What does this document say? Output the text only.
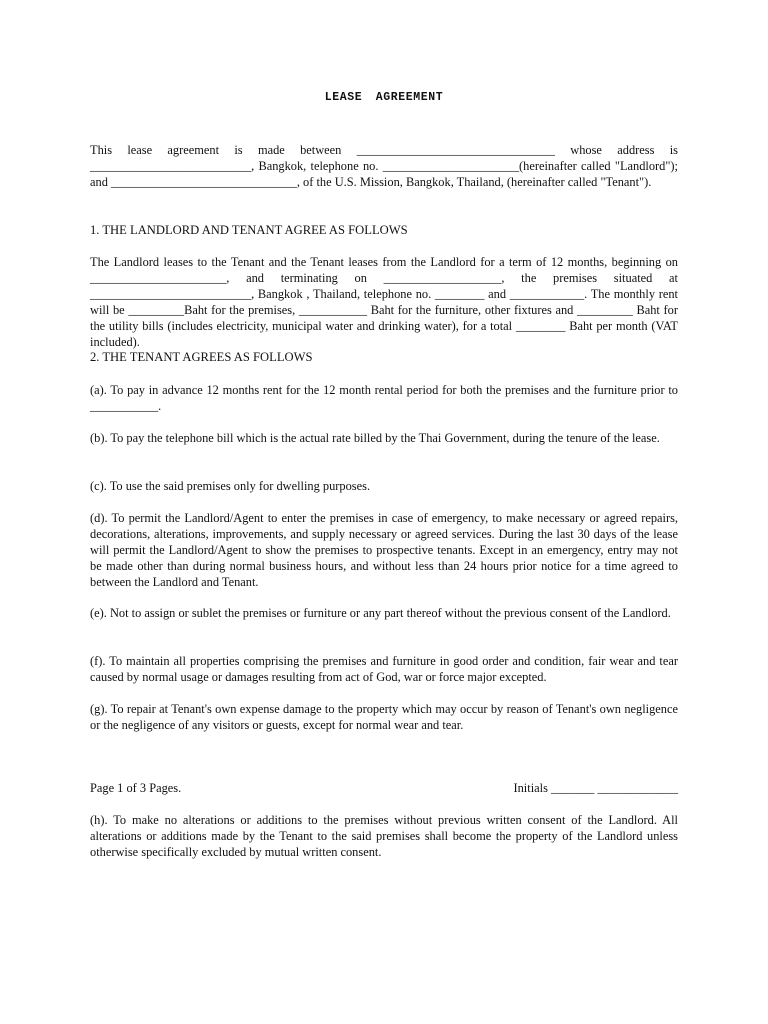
LEASE AGREEMENT

This lease agreement is made between ________________________________ whose address is __________________________, Bangkok, telephone no. ______________________(hereinafter called "Landlord"); and ______________________________, of the U.S. Mission, Bangkok, Thailand, (hereinafter called "Tenant").

1. THE LANDLORD AND TENANT AGREE AS FOLLOWS

The Landlord leases to the Tenant and the Tenant leases from the Landlord for a term of 12 months, beginning on ______________________, and terminating on ___________________, the premises situated at __________________________, Bangkok , Thailand, telephone no. ________ and ____________. The monthly rent will be _________Baht for the premises, ___________ Baht for the furniture, other fixtures and _________ Baht for the utility bills (includes electricity, municipal water and drinking water), for a total ________ Baht per month (VAT included).

2. THE TENANT AGREES AS FOLLOWS

(a). To pay in advance 12 months rent for the 12 month rental period for both the premises and the furniture prior to ___________.

(b). To pay the telephone bill which is the actual rate billed by the Thai Government, during the tenure of the lease.

(c). To use the said premises only for dwelling purposes.

(d). To permit the Landlord/Agent to enter the premises in case of emergency, to make necessary or agreed repairs, decorations, alterations, improvements, and supply necessary or agreed services. During the last 30 days of the lease will permit the Landlord/Agent to show the premises to prospective tenants. Except in an emergency, entry may not be made other than during normal business hours, and without less than 24 hours prior notice for a time agreed to between the Landlord and Tenant.

(e). Not to assign or sublet the premises or furniture or any part thereof without the previous consent of the Landlord.

(f). To maintain all properties comprising the premises and furniture in good order and condition, fair wear and tear caused by normal usage or damages resulting from act of God, war or force major excepted.

(g). To repair at Tenant's own expense damage to the property which may occur by reason of Tenant's own negligence or the negligence of any visitors or guests, except for normal wear and tear.

Page 1 of 3 Pages.	Initials _______ _____________

(h). To make no alterations or additions to the premises without previous written consent of the Landlord. All alterations or additions made by the Tenant to the said premises shall become the property of the Landlord unless otherwise specifically excluded by mutual written consent.
